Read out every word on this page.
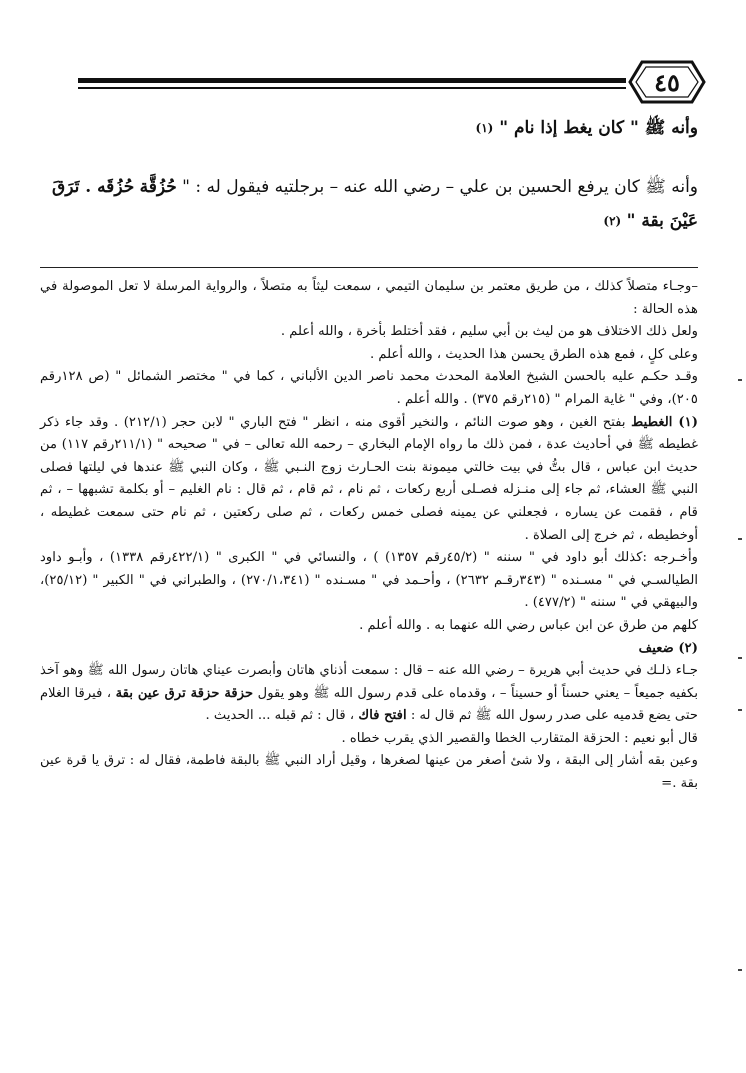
٤٥
وأنه ﷺ " كان يغط إذا نام " $^{(١)}$
وأنه ﷺ كان يرفع الحسين بن علي – رضي الله عنه – برجلتيه فيقول له : " حُزُقَّة حُزُقَه . تَرَقَ عَيْنَ بقة " $^{(٢)}$

–وجـاء متصلاً كذلك ، من طريق معتمر بن سليمان التيمي ، سمعت ليثاً به متصلاً ، والرواية المرسلة لا تعل الموصولة في هذه الحالة :

ولعل ذلك الاختلاف هو من ليث بن أبي سليم ، فقد أختلط بأخرة ، والله أعلم .

وعلى كلٍ ، فمع هذه الطرق يحسن هذا الحديث ، والله أعلم .

وقـد حكـم عليه بالحسن الشيخ العلامة المحدث محمد ناصر الدين الألباني ، كما في " مختصر الشمائل " (ص ١٢٨رقم ٢٠٥)، وفي " غاية المرام " (٢١٥رقم ٣٧٥) . والله أعلم .

(١) الغطيط بفتح الغين ، وهو صوت النائم ، والنخير أقوى منه ، انظر " فتح الباري " لابن حجر (٢١٢/١) . وقد جاء ذكر غطيطه ﷺ في أحاديث عدة ، فمن ذلك ما رواه الإمام البخاري – رحمه الله تعالى – في " صحيحه " (٢١١/١رقم ١١٧) من حديث ابن عباس ، قال بتُّ في بيت خالتي ميمونة بنت الحـارث زوج النـبي ﷺ ، وكان النبي ﷺ عندها في ليلتها فصلى النبي ﷺ العشاء، ثم جاء إلى منـزله فصـلى أربع ركعات ، ثم نام ، ثم قام ، ثم قال : نام الغليم – أو بكلمة تشبهها – ، ثم قام ، فقمت عن يساره ، فجعلني عن يمينه فصلى خمس ركعات ، ثم صلى ركعتين ، ثم نام حتى سمعت غطيطه ، أوخطيطه ، ثم خرج إلى الصلاة .

وأخـرجه :كذلك أبو داود في " سننه " (٤٥/٢رقم ١٣٥٧) ) ، والنسائي في " الكبرى " (٤٢٢/١رقم ١٣٣٨) ، وأبـو داود الطيالسـي في " مسـنده " (٣٤٣رقـم ٢٦٣٢) ، وأحـمد في " مسـنده " (٢٧٠/١،٣٤١) ، والطبراني في " الكبير " (٢٥/١٢)، والبيهقي في " سننه " (٤٧٧/٢) .

كلهم من طرق عن ابن عباس رضي الله عنهما به . والله أعلم .

(٢) ضعيف

جـاء ذلـك في حديث أبي هريرة – رضي الله عنه – قال : سمعت أذناي هاتان وأبصرت عيناي هاتان رسول الله ﷺ وهو آخذ بكفيه جميعاً – يعني حسناً أو حسيناً – ، وقدماه على قدم رسول الله ﷺ وهو يقول حزقة حزقة ترق عين بقة ، فيرقا الغلام حتى يضع قدميه على صدر رسول الله ﷺ ثم قال له : افتح فاك ، قال : ثم قبله ... الحديث .

قال أبو نعيم : الحزقة المتقارب الخطا والقصير الذي يقرب خطاه .

وعين بقه أشار إلى البقة ، ولا شئ أصغر من عينها لصغرها ، وقيل أراد النبي ﷺ بالبقة فاطمة، فقال له : ترق يا قرة عين بقة .=
